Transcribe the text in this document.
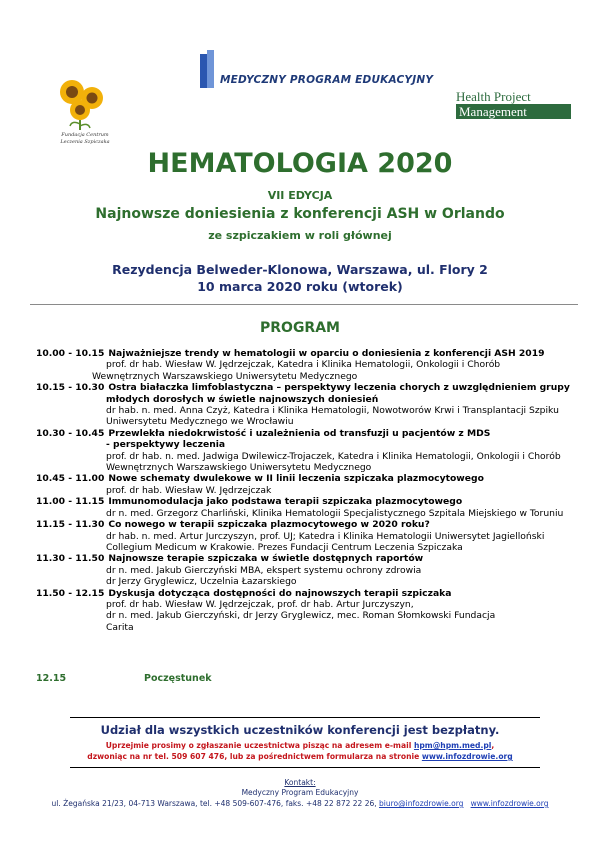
Fundacja Centrum Leczenia Szpiczaka
MEDYCZNY PROGRAM EDUKACYJNY
Health Project
Management
HEMATOLOGIA 2020
VII EDYCJA
Najnowsze doniesienia z konferencji ASH w Orlando
ze szpiczakiem w roli głównej
Rezydencja Belweder-Klonowa, Warszawa, ul. Flory 2
10 marca 2020 roku (wtorek)
PROGRAM
10.00 - 10.15 Najważniejsze trendy w hematologii w oparciu o doniesienia z konferencji ASH 2019
prof. dr hab. Wiesław W. Jędrzejczak, Katedra i Klinika Hematologii, Onkologii i Chorób
Wewnętrznych Warszawskiego Uniwersytetu Medycznego
10.15 - 10.30 Ostra białaczka limfoblastyczna – perspektywy leczenia chorych z uwzględnieniem grupy
młodych dorosłych w świetle najnowszych doniesień
dr hab. n. med. Anna Czyż, Katedra i Klinika Hematologii, Nowotworów Krwi i Transplantacji Szpiku
Uniwersytetu Medycznego we Wrocławiu
10.30 - 10.45 Przewlekła niedokrwistość i uzależnienia od transfuzji u pacjentów z MDS
- perspektywy leczenia
prof. dr hab. n. med. Jadwiga Dwilewicz-Trojaczek, Katedra i Klinika Hematologii, Onkologii i Chorób
Wewnętrznych Warszawskiego Uniwersytetu Medycznego
10.45 - 11.00 Nowe schematy dwulekowe w II linii leczenia szpiczaka plazmocytowego
prof. dr hab. Wiesław W. Jędrzejczak
11.00 - 11.15 Immunomodulacja jako podstawa terapii szpiczaka plazmocytowego
dr n. med. Grzegorz Charliński, Klinika Hematologii Specjalistycznego Szpitala Miejskiego w Toruniu
11.15 - 11.30 Co nowego w terapii szpiczaka plazmocytowego w 2020 roku?
dr hab. n. med. Artur Jurczyszyn, prof. UJ; Katedra i Klinika Hematologii Uniwersytet Jagielloński
Collegium Medicum w Krakowie. Prezes Fundacji Centrum Leczenia Szpiczaka
11.30 - 11.50 Najnowsze terapie szpiczaka w świetle dostępnych raportów
dr n. med. Jakub Gierczyński MBA, ekspert systemu ochrony zdrowia
dr Jerzy Gryglewicz, Uczelnia Łazarskiego
11.50 - 12.15 Dyskusja dotycząca dostępności do najnowszych terapii szpiczaka
prof. dr hab. Wiesław W. Jędrzejczak, prof. dr hab. Artur Jurczyszyn,
dr n. med. Jakub Gierczyński, dr Jerzy Gryglewicz, mec. Roman Słomkowski Fundacja
Carita
12.15	Poczęstunek
Udział dla wszystkich uczestników konferencji jest bezpłatny.
Uprzejmie prosimy o zgłaszanie uczestnictwa pisząc na adresem e-mail hpm@hpm.med.pl,
dzwoniąc na nr tel. 509 607 476, lub za pośrednictwem formularza na stronie www.infozdrowie.org
Kontakt:
Medyczny Program Edukacyjny
ul. Żegańska 21/23, 04-713 Warszawa, tel. +48 509-607-476, faks. +48 22 872 22 26, biuro@infozdrowie.org www.infozdrowie.org
